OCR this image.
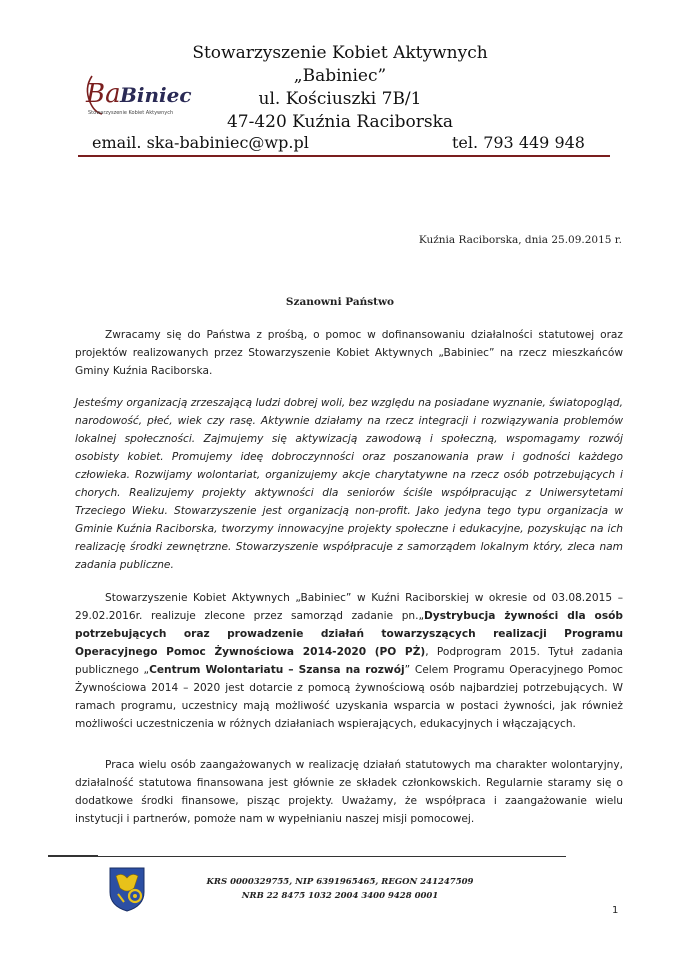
Ba Biniec
Stowarzyszenie Kobiet Aktywnych
Stowarzyszenie Kobiet Aktywnych „Babiniec”
ul. Kościuszki 7B/1
47-420 Kuźnia Raciborska
email. ska-babiniec@wp.pl	tel. 793 449 948
Kuźnia Raciborska, dnia 25.09.2015 r.
Szanowni Państwo
Zwracamy się do Państwa z prośbą, o pomoc w dofinansowaniu działalności statutowej oraz projektów realizowanych przez Stowarzyszenie Kobiet Aktywnych „Babiniec” na rzecz mieszkańców Gminy Kuźnia Raciborska.
Jesteśmy organizacją zrzeszającą ludzi dobrej woli, bez względu na posiadane wyznanie, światopogląd, narodowość, płeć, wiek czy rasę. Aktywnie działamy na rzecz integracji i rozwiązywania problemów lokalnej społeczności. Zajmujemy się aktywizacją zawodową i społeczną, wspomagamy rozwój osobisty kobiet. Promujemy ideę dobroczynności oraz poszanowania praw i godności każdego człowieka. Rozwijamy wolontariat, organizujemy akcje charytatywne na rzecz osób potrzebujących i chorych. Realizujemy projekty aktywności dla seniorów ściśle współpracując z Uniwersytetami Trzeciego Wieku. Stowarzyszenie jest organizacją non-profit. Jako jedyna tego typu organizacja w Gminie Kuźnia Raciborska, tworzymy innowacyjne projekty społeczne i edukacyjne, pozyskując na ich realizację środki zewnętrzne. Stowarzyszenie współpracuje z samorządem lokalnym który, zleca nam zadania publiczne.
Stowarzyszenie Kobiet Aktywnych „Babiniec” w Kuźni Raciborskiej w okresie od 03.08.2015 – 29.02.2016r. realizuje zlecone przez samorząd zadanie pn.„Dystrybucja żywności dla osób potrzebujących oraz prowadzenie działań towarzyszących realizacji Programu Operacyjnego Pomoc Żywnościowa 2014-2020 (PO PŻ), Podprogram 2015. Tytuł zadania publicznego „Centrum Wolontariatu – Szansa na rozwój” Celem Programu Operacyjnego Pomoc Żywnościowa 2014 – 2020 jest dotarcie z pomocą żywnościową osób najbardziej potrzebujących. W ramach programu, uczestnicy mają możliwość uzyskania wsparcia w postaci żywności, jak również możliwości uczestniczenia w różnych działaniach wspierających, edukacyjnych i włączających.
Praca wielu osób zaangażowanych w realizację działań statutowych ma charakter wolontaryjny, działalność statutowa finansowana jest głównie ze składek członkowskich. Regularnie staramy się o dodatkowe środki finansowe, pisząc projekty. Uważamy, że współpraca i zaangażowanie wielu instytucji i partnerów, pomoże nam w wypełnianiu naszej misji pomocowej.
KRS 0000329755, NIP 6391965465, REGON 241247509
NRB 22 8475 1032 2004 3400 9428 0001
1
